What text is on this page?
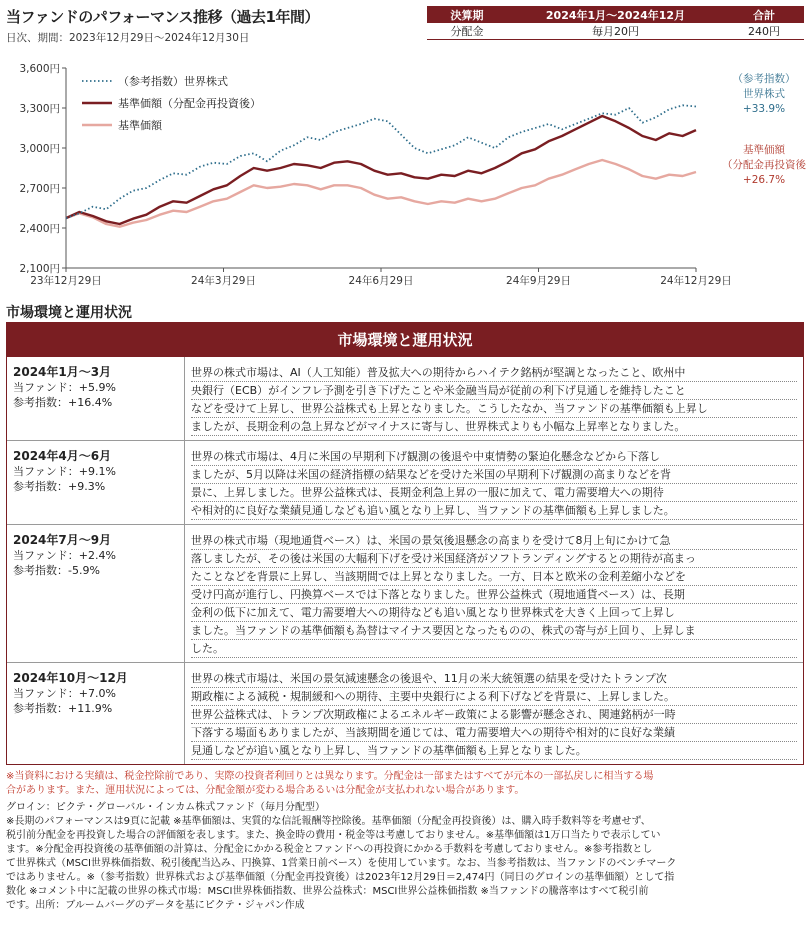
当ファンドのパフォーマンス推移（過去1年間）
日次、期間：2023年12月29日～2024年12月30日
決算期	2024年1月～2024年12月	合計
分配金	毎月20円	240円
3,600円
3,300円
3,000円
2,700円
2,400円
2,100円
23年12月29日	24年3月29日	24年6月29日	24年9月29日	24年12月29日
（参考指数）世界株式
基準価額（分配金再投資後）
基準価額
（参考指数）
世界株式
+33.9%
基準価額
（分配金再投資後
+26.7%
市場環境と運用状況
市場環境と運用状況
2024年1月～3月
当ファンド：+5.9%
参考指数：+16.4%
世界の株式市場は、AI（人工知能）普及拡大への期待からハイテク銘柄が堅調となったこと、欧州中
央銀行（ECB）がインフレ予測を引き下げたことや米金融当局が従前の利下げ見通しを維持したこと
などを受けて上昇し、世界公益株式も上昇となりました。こうしたなか、当ファンドの基準価額も上昇し
ましたが、長期金利の急上昇などがマイナスに寄与し、世界株式よりも小幅な上昇率となりました。
2024年4月～6月
当ファンド：+9.1%
参考指数：+9.3%
世界の株式市場は、4月に米国の早期利下げ観測の後退や中東情勢の緊迫化懸念などから下落し
ましたが、5月以降は米国の経済指標の結果などを受けた米国の早期利下げ観測の高まりなどを背
景に、上昇しました。世界公益株式は、長期金利急上昇の一服に加えて、電力需要増大への期待
や相対的に良好な業績見通しなども追い風となり上昇し、当ファンドの基準価額も上昇しました。
2024年7月～9月
当ファンド：+2.4%
参考指数：-5.9%
世界の株式市場（現地通貨ベース）は、米国の景気後退懸念の高まりを受けて8月上旬にかけて急
落しましたが、その後は米国の大幅利下げを受け米国経済がソフトランディングするとの期待が高まっ
たことなどを背景に上昇し、当該期間では上昇となりました。一方、日本と欧米の金利差縮小などを
受け円高が進行し、円換算ベースでは下落となりました。世界公益株式（現地通貨ベース）は、長期
金利の低下に加えて、電力需要増大への期待なども追い風となり世界株式を大きく上回って上昇し
ました。当ファンドの基準価額も為替はマイナス要因となったものの、株式の寄与が上回り、上昇しま
した。
2024年10月～12月
当ファンド：+7.0%
参考指数：+11.9%
世界の株式市場は、米国の景気減速懸念の後退や、11月の米大統領選の結果を受けたトランプ次
期政権による減税・規制緩和への期待、主要中央銀行による利下げなどを背景に、上昇しました。
世界公益株式は、トランプ次期政権によるエネルギー政策による影響が懸念され、関連銘柄が一時
下落する場面もありましたが、当該期間を通じては、電力需要増大への期待や相対的に良好な業績
見通しなどが追い風となり上昇し、当ファンドの基準価額も上昇となりました。
※当資料における実績は、税金控除前であり、実際の投資者利回りとは異なります。分配金は一部またはすべてが元本の一部払戻しに相当する場
合があります。また、運用状況によっては、分配金額が変わる場合あるいは分配金が支払われない場合があります。
グロイン：ピクテ・グローバル・インカム株式ファンド（毎月分配型）
※長期のパフォーマンスは9頁に記載 ※基準価額は、実質的な信託報酬等控除後。基準価額（分配金再投資後）は、購入時手数料等を考慮せず、
税引前分配金を再投資した場合の評価額を表します。また、換金時の費用・税金等は考慮しておりません。※基準価額は1万口当たりで表示してい
ます。※分配金再投資後の基準価額の計算は、分配金にかかる税金とファンドへの再投資にかかる手数料を考慮しておりません。※参考指数とし
て世界株式（MSCI世界株価指数、税引後配当込み、円換算、1営業日前ベース）を使用しています。なお、当参考指数は、当ファンドのベンチマーク
ではありません。※（参考指数）世界株式および基準価額（分配金再投資後）は2023年12月29日＝2,474円（同日のグロインの基準価額）として指
数化 ※コメント中に記載の世界の株式市場：MSCI世界株価指数、世界公益株式：MSCI世界公益株価指数 ※当ファンドの騰落率はすべて税引前
です。出所：ブルームバーグのデータを基にピクテ・ジャパン作成
